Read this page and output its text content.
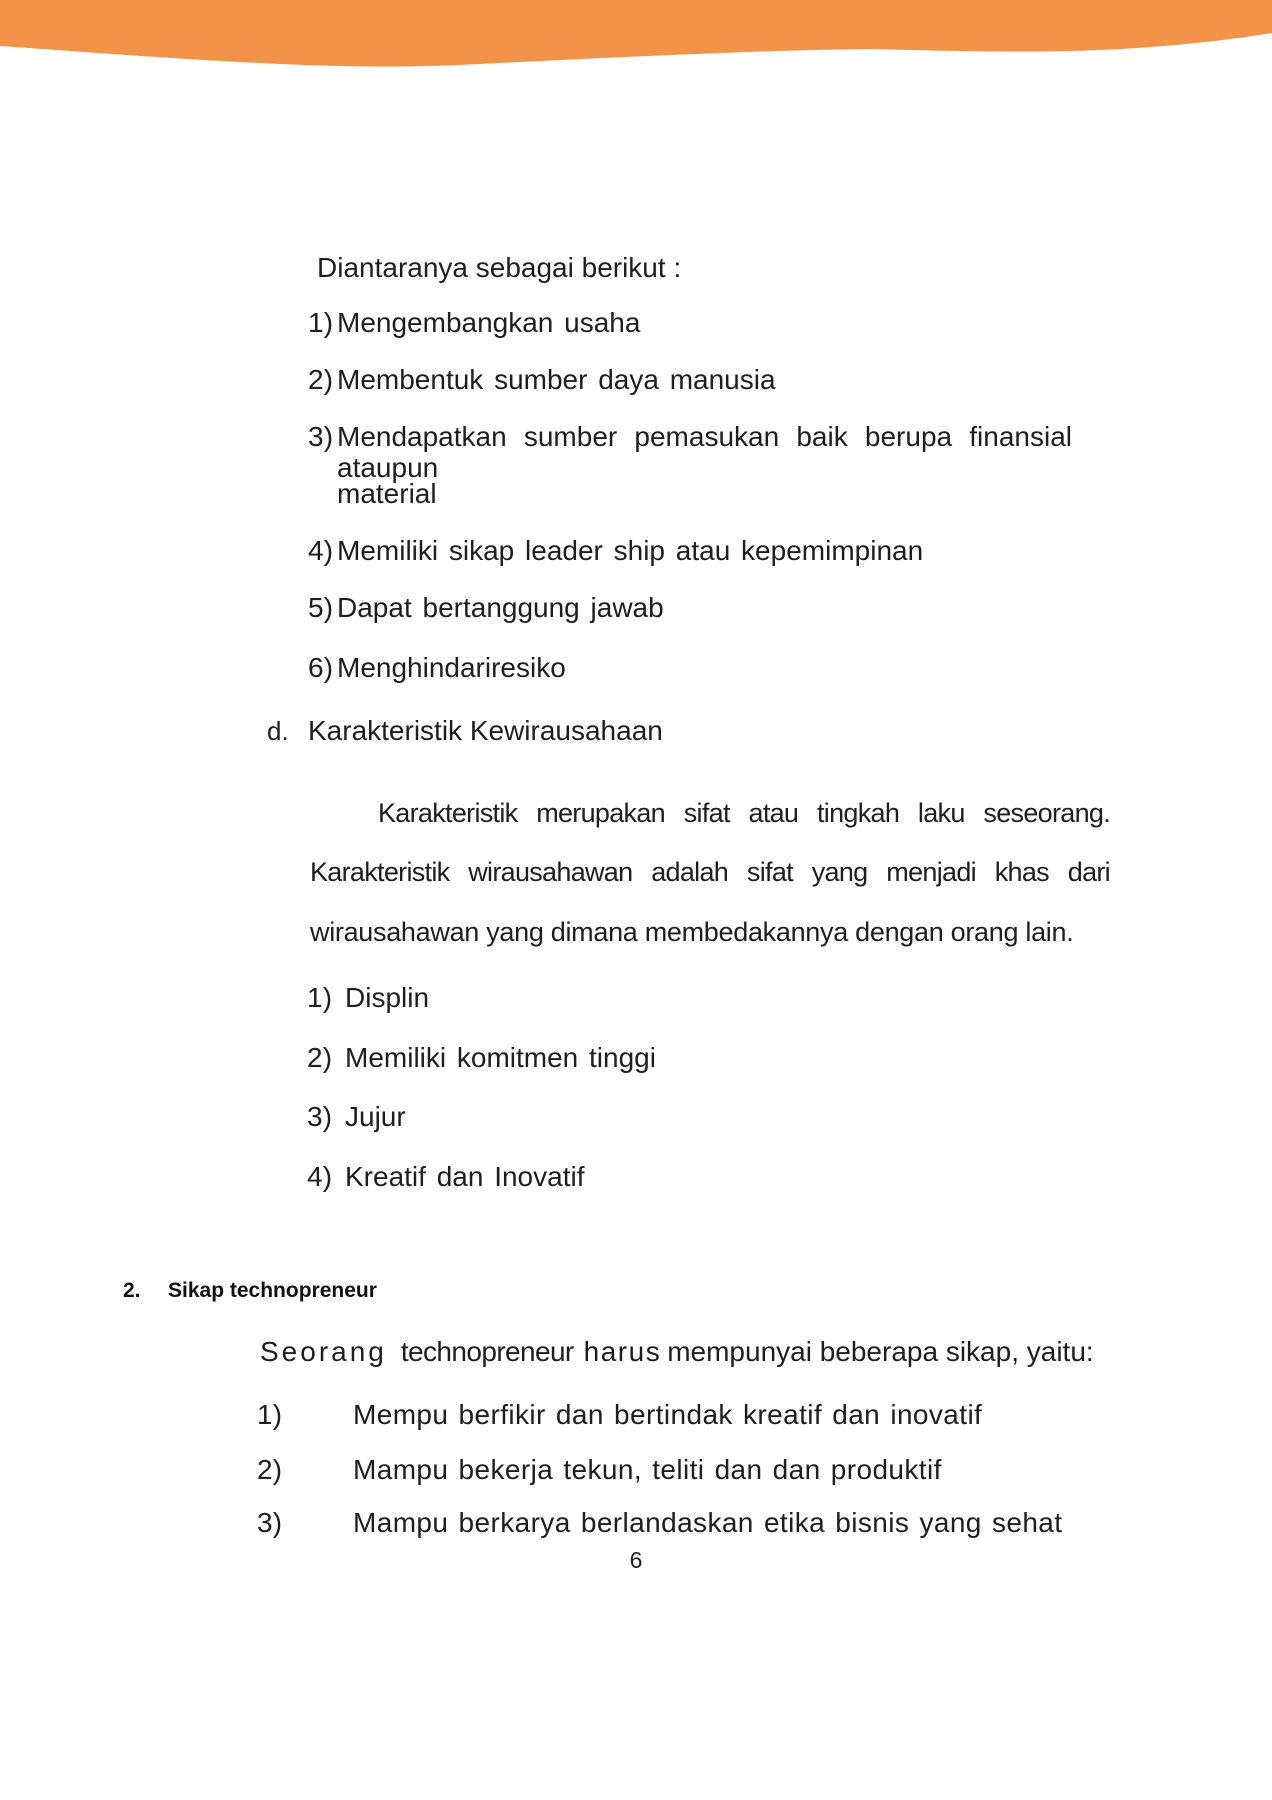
Diantaranya sebagai berikut :
1) Mengembangkan usaha
2) Membentuk sumber daya manusia
3) Mendapatkan sumber pemasukan baik berupa finansial ataupun
material
4) Memiliki sikap leader ship atau kepemimpinan
5) Dapat bertanggung jawab
6) Menghindariresiko
d. Karakteristik Kewirausahaan
Karakteristik merupakan sifat atau tingkah laku seseorang.
Karakteristik wirausahawan adalah sifat yang menjadi khas dari
wirausahawan yang dimana membedakannya dengan orang lain.
1) Displin
2) Memiliki komitmen tinggi
3) Jujur
4) Kreatif dan Inovatif
2. Sikap technopreneur
Seorang technopreneur harus mempunyai beberapa sikap, yaitu:
1)	Mempu berfikir dan bertindak kreatif dan inovatif
2)	Mampu bekerja tekun, teliti dan dan produktif
3)	Mampu berkarya berlandaskan etika bisnis yang sehat
6
